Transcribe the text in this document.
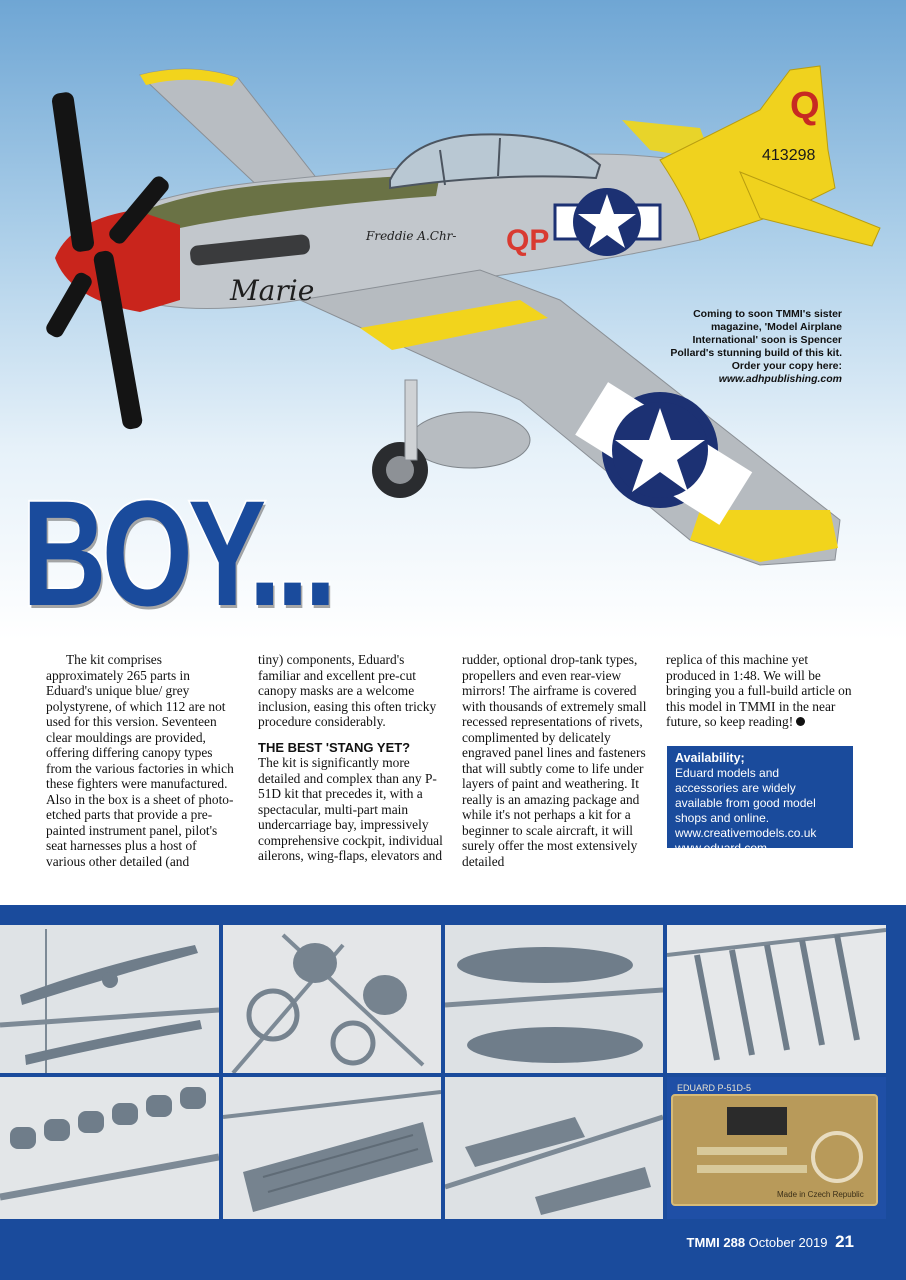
Q
413298
QP
Marie
Freddie A.Chr-
Coming to soon TMMI's sister
magazine, 'Model Airplane
International' soon is Spencer
Pollard's stunning build of this kit.
Order your copy here:
www.adhpublishing.com
BOY...

The kit comprises approximately 265 parts in Eduard's unique blue/ grey polystyrene, of which 112 are not used for this version. Seventeen clear mouldings are provided, offering differing canopy types from the various factories in which these fighters were manufactured. Also in the box is a sheet of photo-etched parts that provide a pre-painted instrument panel, pilot's seat harnesses plus a host of various other detailed (and

tiny) components, Eduard's familiar and excellent pre-cut canopy masks are a welcome inclusion, easing this often tricky procedure considerably.

THE BEST 'STANG YET?

The kit is significantly more detailed and complex than any P-51D kit that precedes it, with a spectacular, multi-part main undercarriage bay, impressively comprehensive cockpit, individual ailerons, wing-flaps, elevators and

rudder, optional drop-tank types, propellers and even rear-view mirrors! The airframe is covered with thousands of extremely small recessed representations of rivets, complimented by delicately engraved panel lines and fasteners that will subtly come to life under layers of paint and weathering. It really is an amazing package and while it's not perhaps a kit for a beginner to scale aircraft, it will surely offer the most extensively detailed

replica of this machine yet produced in 1:48. We will be bringing you a full-build article on this model in TMMI in the near future, so keep reading!

Availability;
Eduard models and accessories are widely available from good model shops and online.
www.creativemodels.co.uk
www.eduard.com
EDUARD P-51D-5
Made in Czech Republic
TMMI 288 October 2019 21
